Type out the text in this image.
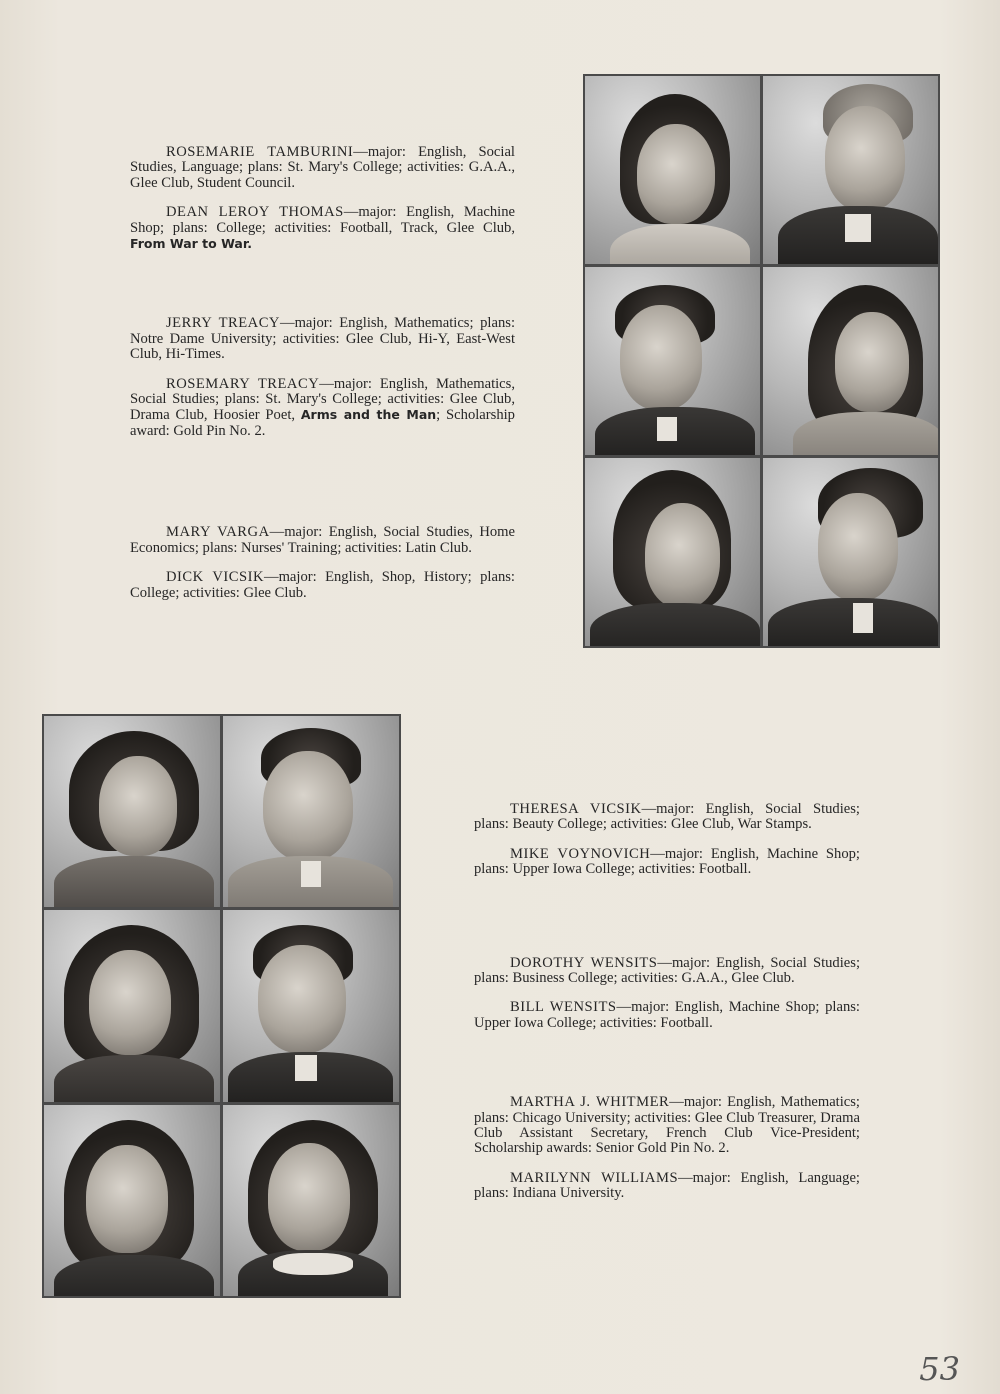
ROSEMARIE TAMBURINI—major: English, Social Studies, Language; plans: St. Mary's College; activities: G.A.A., Glee Club, Student Council.

DEAN LEROY THOMAS—major: English, Machine Shop; plans: College; activities: Football, Track, Glee Club, From War to War.

JERRY TREACY—major: English, Mathematics; plans: Notre Dame University; activities: Glee Club, Hi-Y, East-West Club, Hi-Times.

ROSEMARY TREACY—major: English, Mathematics, Social Studies; plans: St. Mary's College; activities: Glee Club, Drama Club, Hoosier Poet, Arms and the Man; Scholarship award: Gold Pin No. 2.

MARY VARGA—major: English, Social Studies, Home Economics; plans: Nurses' Training; activities: Latin Club.

DICK VICSIK—major: English, Shop, History; plans: College; activities: Glee Club.

THERESA VICSIK—major: English, Social Studies; plans: Beauty College; activities: Glee Club, War Stamps.

MIKE VOYNOVICH—major: English, Machine Shop; plans: Upper Iowa College; activities: Football.

DOROTHY WENSITS—major: English, Social Studies; plans: Business College; activities: G.A.A., Glee Club.

BILL WENSITS—major: English, Machine Shop; plans: Upper Iowa College; activities: Football.

MARTHA J. WHITMER—major: English, Mathematics; plans: Chicago University; activities: Glee Club Treasurer, Drama Club Assistant Secretary, French Club Vice-President; Scholarship awards: Senior Gold Pin No. 2.

MARILYNN WILLIAMS—major: English, Language; plans: Indiana University.

53
